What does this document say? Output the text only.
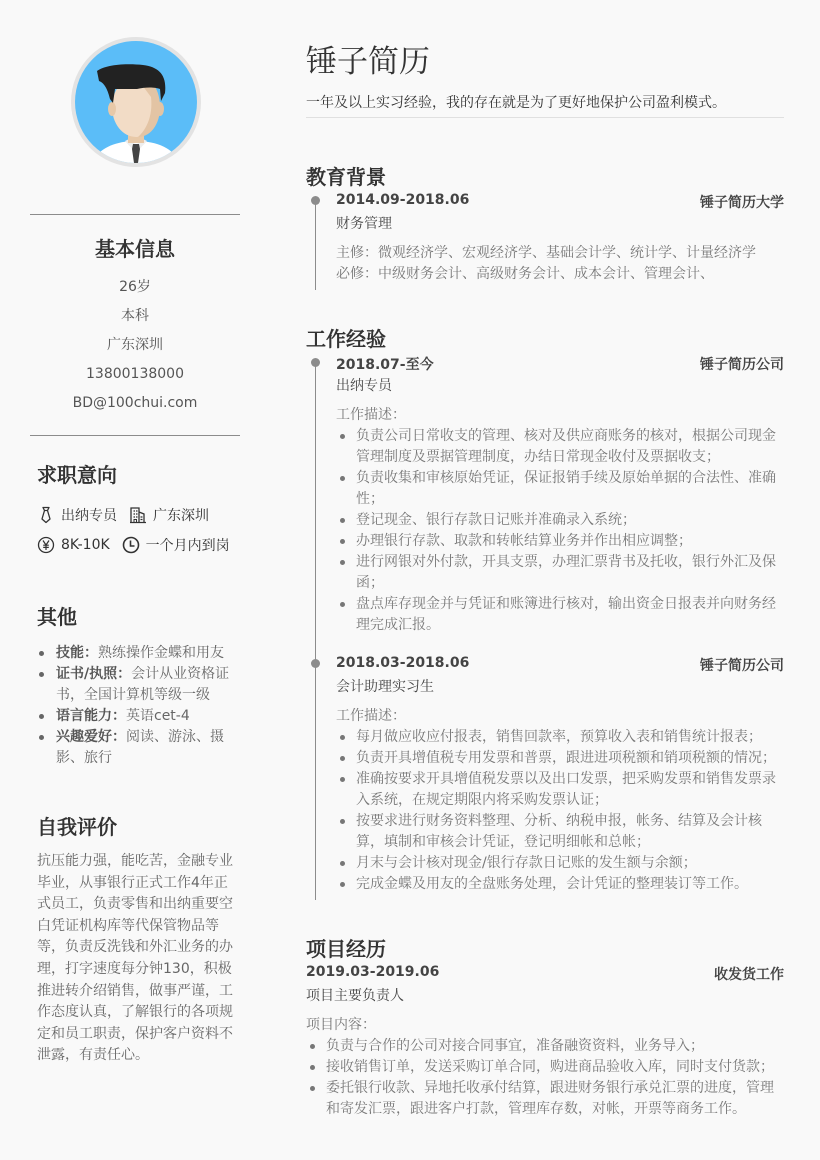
基本信息
26岁
本科
广东深圳
13800138000
BD@100chui.com
求职意向
出纳专员	广东深圳
8K-10K	一个月内到岗
其他
技能：熟练操作金蝶和用友
证书/执照：会计从业资格证书，全国计算机等级一级
语言能力：英语cet-4
兴趣爱好：阅读、游泳、摄影、旅行
自我评价
抗压能力强，能吃苦，金融专业毕业，从事银行正式工作4年正式员工，负责零售和出纳重要空白凭证机构库等代保管物品等等，负责反洗钱和外汇业务的办理，打字速度每分钟130，积极推进转介绍销售，做事严谨，工作态度认真，了解银行的各项规定和员工职责，保护客户资料不泄露，有责任心。
锤子简历
一年及以上实习经验，我的存在就是为了更好地保护公司盈利模式。
教育背景
2014.09-2018.06	锤子简历大学
财务管理
主修：微观经济学、宏观经济学、基础会计学、统计学、计量经济学
必修：中级财务会计、高级财务会计、成本会计、管理会计、
工作经验
2018.07-至今	锤子简历公司
出纳专员
工作描述：
负责公司日常收支的管理、核对及供应商账务的核对，根据公司现金管理制度及票据管理制度，办结日常现金收付及票据收支；
负责收集和审核原始凭证，保证报销手续及原始单据的合法性、准确性；
登记现金、银行存款日记账并准确录入系统；
办理银行存款、取款和转帐结算业务并作出相应调整；
进行网银对外付款，开具支票，办理汇票背书及托收，银行外汇及保函；
盘点库存现金并与凭证和账簿进行核对，输出资金日报表并向财务经理完成汇报。
2018.03-2018.06	锤子简历公司
会计助理实习生
工作描述：
每月做应收应付报表，销售回款率，预算收入表和销售统计报表；
负责开具增值税专用发票和普票，跟进进项税额和销项税额的情况；
准确按要求开具增值税发票以及出口发票，把采购发票和销售发票录入系统，在规定期限内将采购发票认证；
按要求进行财务资料整理、分析、纳税申报，帐务、结算及会计核算，填制和审核会计凭证，登记明细帐和总帐；
月末与会计核对现金/银行存款日记账的发生额与余额；
完成金蝶及用友的全盘账务处理，会计凭证的整理装订等工作。
项目经历
2019.03-2019.06	收发货工作
项目主要负责人
项目内容：
负责与合作的公司对接合同事宜，准备融资资料，业务导入；
接收销售订单，发送采购订单合同，购进商品验收入库，同时支付货款；
委托银行收款、异地托收承付结算，跟进财务银行承兑汇票的进度，管理和寄发汇票，跟进客户打款，管理库存数，对帐，开票等商务工作。
